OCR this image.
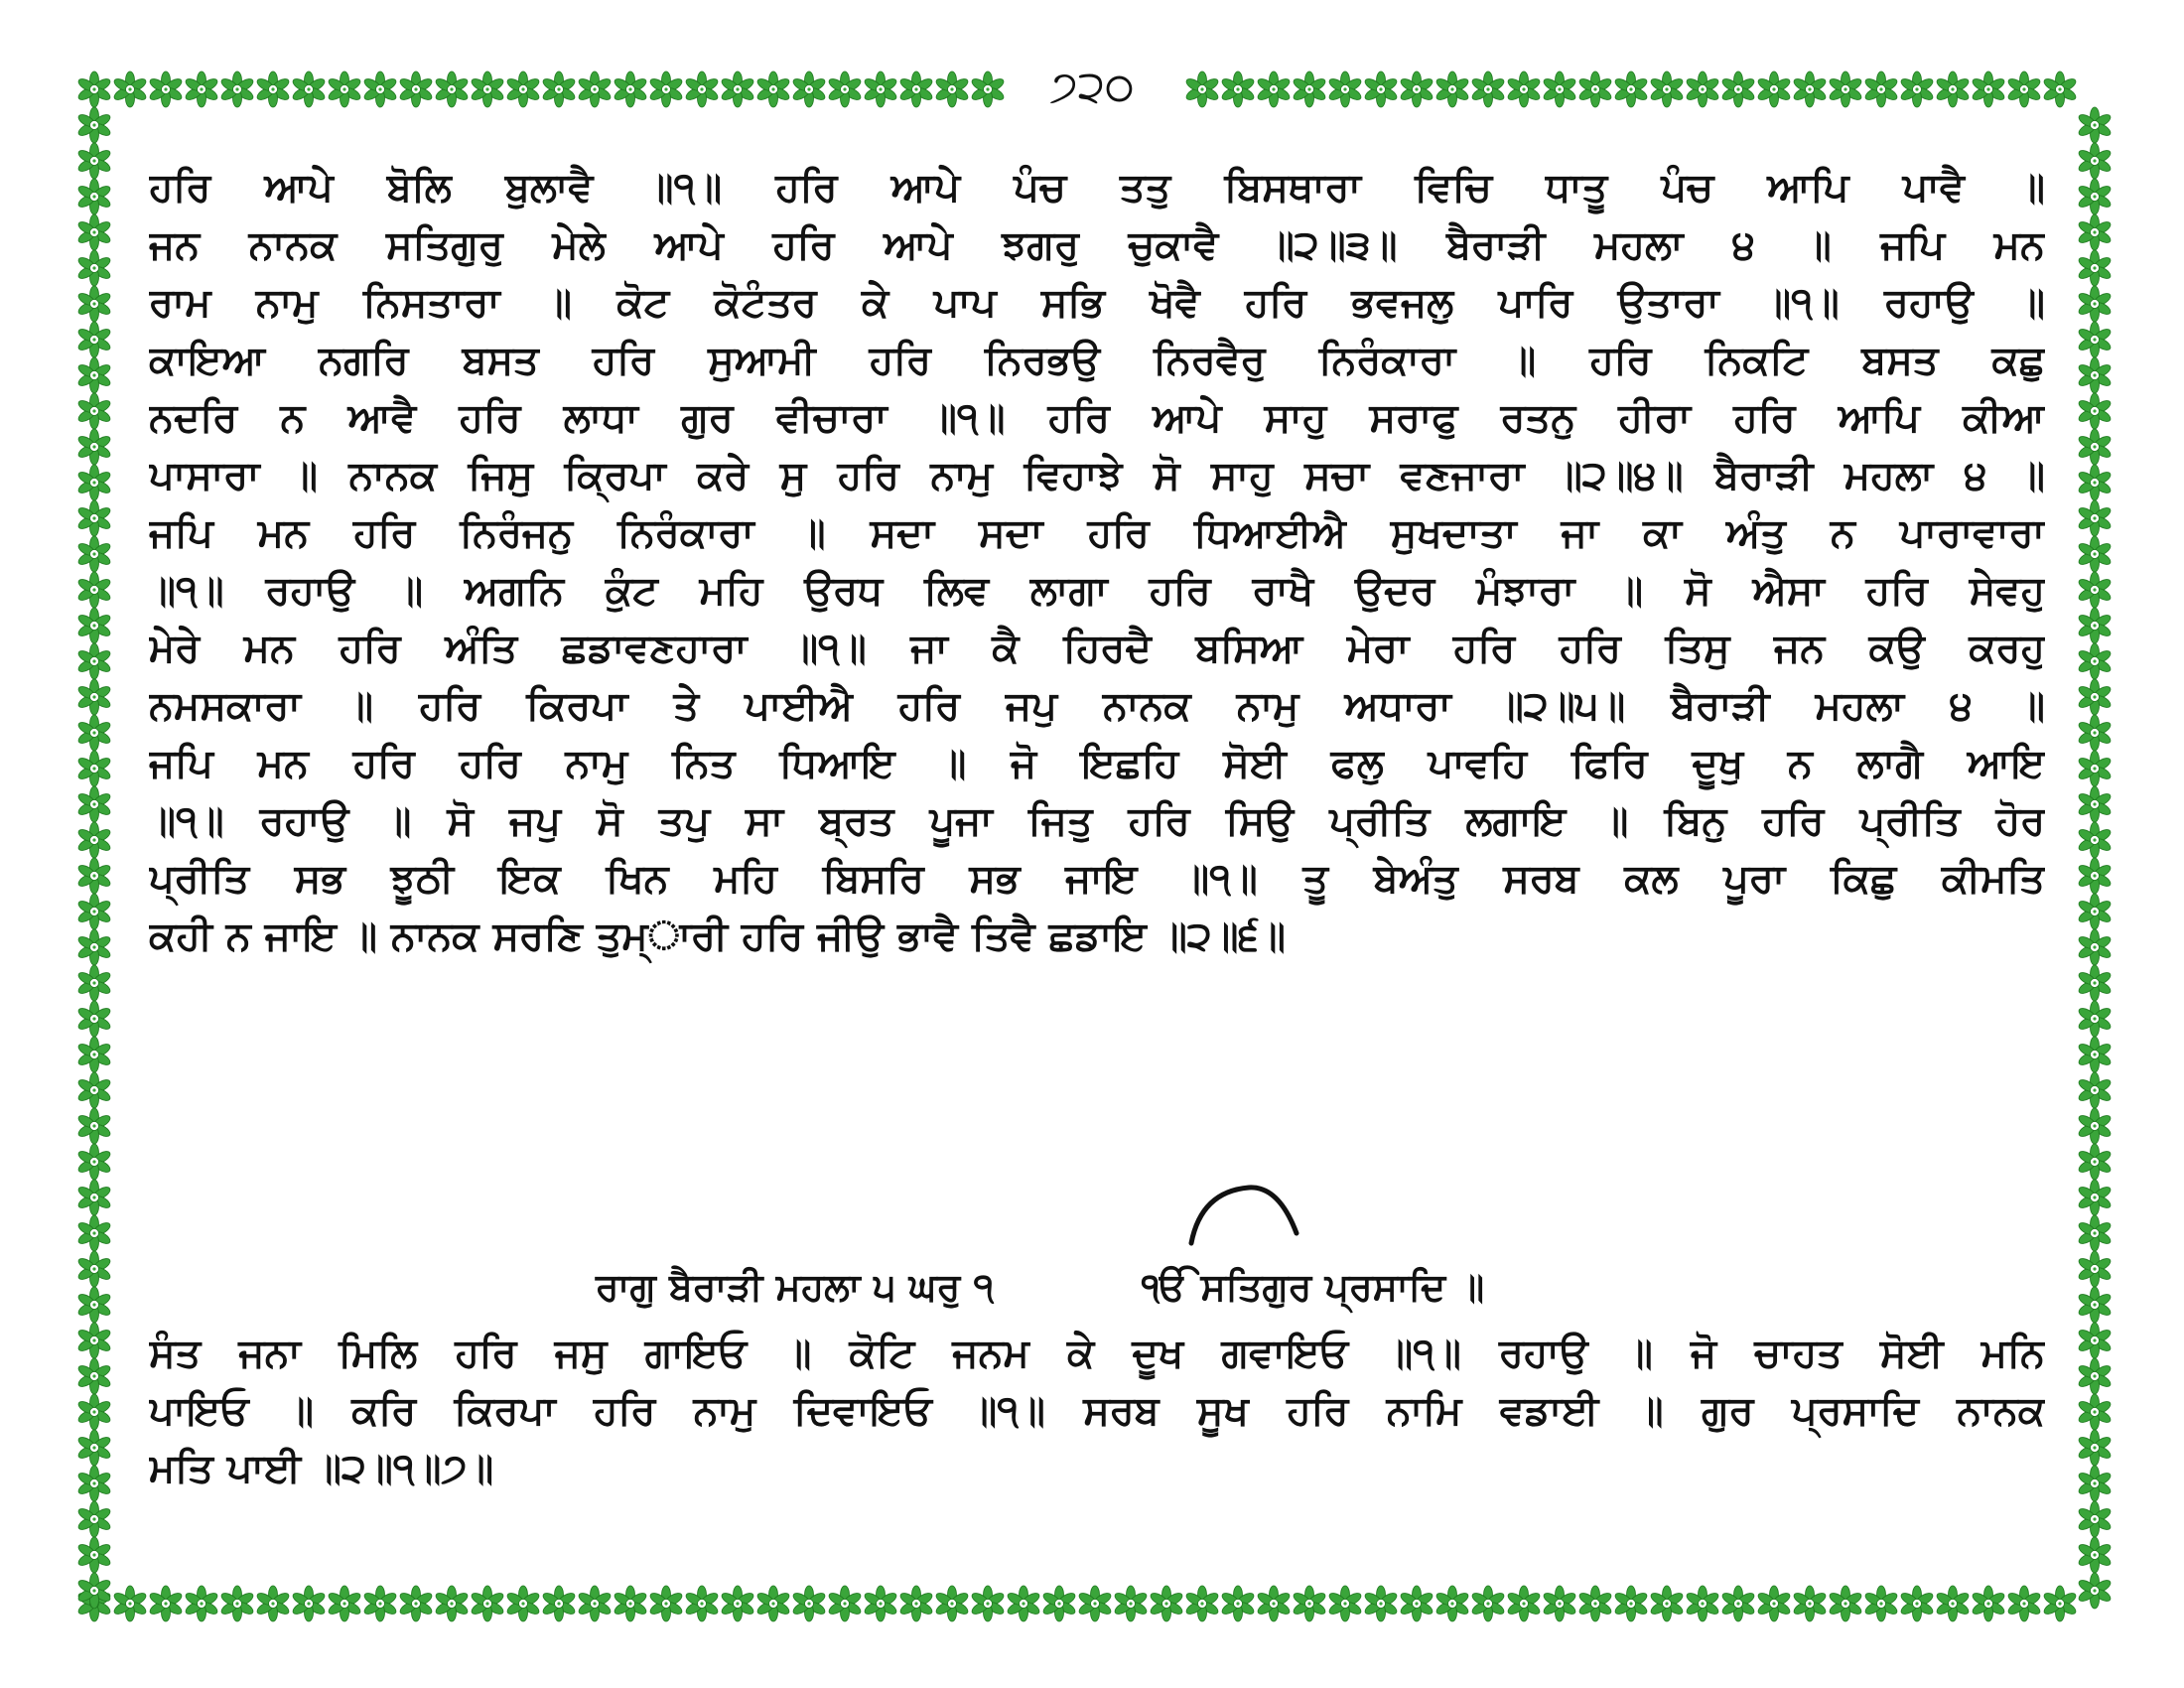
੭੨੦
ਹਰਿ ਆਪੇ ਬੋਲਿ ਬੁਲਾਵੈ ॥੧॥ ਹਰਿ ਆਪੇ ਪੰਚ ਤਤੁ ਬਿਸਥਾਰਾ ਵਿਚਿ ਧਾਤੂ ਪੰਚ ਆਪਿ ਪਾਵੈ ॥
ਜਨ ਨਾਨਕ ਸਤਿਗੁਰੁ ਮੇਲੇ ਆਪੇ ਹਰਿ ਆਪੇ ਝਗਰੁ ਚੁਕਾਵੈ ॥੨॥੩॥ ਬੈਰਾੜੀ ਮਹਲਾ ੪ ॥ ਜਪਿ ਮਨ
ਰਾਮ ਨਾਮੁ ਨਿਸਤਾਰਾ ॥ ਕੋਟ ਕੋਟੰਤਰ ਕੇ ਪਾਪ ਸਭਿ ਖੋਵੈ ਹਰਿ ਭਵਜਲੁ ਪਾਰਿ ਉਤਾਰਾ ॥੧॥ ਰਹਾਉ ॥
ਕਾਇਆ ਨਗਰਿ ਬਸਤ ਹਰਿ ਸੁਆਮੀ ਹਰਿ ਨਿਰਭਉ ਨਿਰਵੈਰੁ ਨਿਰੰਕਾਰਾ ॥ ਹਰਿ ਨਿਕਟਿ ਬਸਤ ਕਛੁ
ਨਦਰਿ ਨ ਆਵੈ ਹਰਿ ਲਾਧਾ ਗੁਰ ਵੀਚਾਰਾ ॥੧॥ ਹਰਿ ਆਪੇ ਸਾਹੁ ਸਰਾਫੁ ਰਤਨੁ ਹੀਰਾ ਹਰਿ ਆਪਿ ਕੀਆ
ਪਾਸਾਰਾ ॥ ਨਾਨਕ ਜਿਸੁ ਕ੍ਰਿਪਾ ਕਰੇ ਸੁ ਹਰਿ ਨਾਮੁ ਵਿਹਾਝੇ ਸੋ ਸਾਹੁ ਸਚਾ ਵਣਜਾਰਾ ॥੨॥੪॥ ਬੈਰਾੜੀ ਮਹਲਾ ੪ ॥
ਜਪਿ ਮਨ ਹਰਿ ਨਿਰੰਜਨੁ ਨਿਰੰਕਾਰਾ ॥ ਸਦਾ ਸਦਾ ਹਰਿ ਧਿਆਈਐ ਸੁਖਦਾਤਾ ਜਾ ਕਾ ਅੰਤੁ ਨ ਪਾਰਾਵਾਰਾ
॥੧॥ ਰਹਾਉ ॥ ਅਗਨਿ ਕੁੰਟ ਮਹਿ ਉਰਧ ਲਿਵ ਲਾਗਾ ਹਰਿ ਰਾਖੈ ਉਦਰ ਮੰਝਾਰਾ ॥ ਸੋ ਐਸਾ ਹਰਿ ਸੇਵਹੁ
ਮੇਰੇ ਮਨ ਹਰਿ ਅੰਤਿ ਛਡਾਵਣਹਾਰਾ ॥੧॥ ਜਾ ਕੈ ਹਿਰਦੈ ਬਸਿਆ ਮੇਰਾ ਹਰਿ ਹਰਿ ਤਿਸੁ ਜਨ ਕਉ ਕਰਹੁ
ਨਮਸਕਾਰਾ ॥ ਹਰਿ ਕਿਰਪਾ ਤੇ ਪਾਈਐ ਹਰਿ ਜਪੁ ਨਾਨਕ ਨਾਮੁ ਅਧਾਰਾ ॥੨॥੫॥ ਬੈਰਾੜੀ ਮਹਲਾ ੪ ॥
ਜਪਿ ਮਨ ਹਰਿ ਹਰਿ ਨਾਮੁ ਨਿਤ ਧਿਆਇ ॥ ਜੋ ਇਛਹਿ ਸੋਈ ਫਲੁ ਪਾਵਹਿ ਫਿਰਿ ਦੂਖੁ ਨ ਲਾਗੈ ਆਇ
॥੧॥ ਰਹਾਉ ॥ ਸੋ ਜਪੁ ਸੋ ਤਪੁ ਸਾ ਬ੍ਰਤ ਪੂਜਾ ਜਿਤੁ ਹਰਿ ਸਿਉ ਪ੍ਰੀਤਿ ਲਗਾਇ ॥ ਬਿਨੁ ਹਰਿ ਪ੍ਰੀਤਿ ਹੋਰ
ਪ੍ਰੀਤਿ ਸਭ ਝੂਠੀ ਇਕ ਖਿਨ ਮਹਿ ਬਿਸਰਿ ਸਭ ਜਾਇ ॥੧॥ ਤੂ ਬੇਅੰਤੁ ਸਰਬ ਕਲ ਪੂਰਾ ਕਿਛੁ ਕੀਮਤਿ
ਕਹੀ ਨ ਜਾਇ ॥ ਨਾਨਕ ਸਰਣਿ ਤੁਮ੍ਾਰੀ ਹਰਿ ਜੀਉ ਭਾਵੈ ਤਿਵੈ ਛਡਾਇ ॥੨॥੬॥
ਰਾਗੁ ਬੈਰਾੜੀ ਮਹਲਾ ੫ ਘਰੁ ੧	ੴ ਸਤਿਗੁਰ ਪ੍ਰਸਾਦਿ ॥
ਸੰਤ ਜਨਾ ਮਿਲਿ ਹਰਿ ਜਸੁ ਗਾਇਓ ॥ ਕੋਟਿ ਜਨਮ ਕੇ ਦੂਖ ਗਵਾਇਓ ॥੧॥ ਰਹਾਉ ॥ ਜੋ ਚਾਹਤ ਸੋਈ ਮਨਿ
ਪਾਇਓ ॥ ਕਰਿ ਕਿਰਪਾ ਹਰਿ ਨਾਮੁ ਦਿਵਾਇਓ ॥੧॥ ਸਰਬ ਸੂਖ ਹਰਿ ਨਾਮਿ ਵਡਾਈ ॥ ਗੁਰ ਪ੍ਰਸਾਦਿ ਨਾਨਕ
ਮਤਿ ਪਾਈ ॥੨॥੧॥੭॥
